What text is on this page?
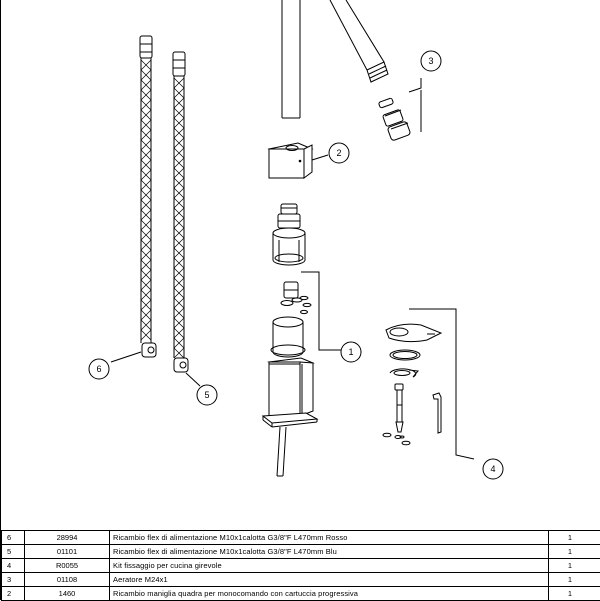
1
2
3
4
5
6
6	28994	Ricambio flex di alimentazione M10x1calotta G3/8"F L470mm Rosso	1	
5	01101	Ricambio flex di alimentazione M10x1calotta G3/8"F L470mm Blu	1	
4	R0055	Kit fissaggio per cucina girevole	1	
3	01108	Aeratore M24x1	1	
2	1460	Ricambio maniglia quadra per monocomando con cartuccia progressiva	1	
